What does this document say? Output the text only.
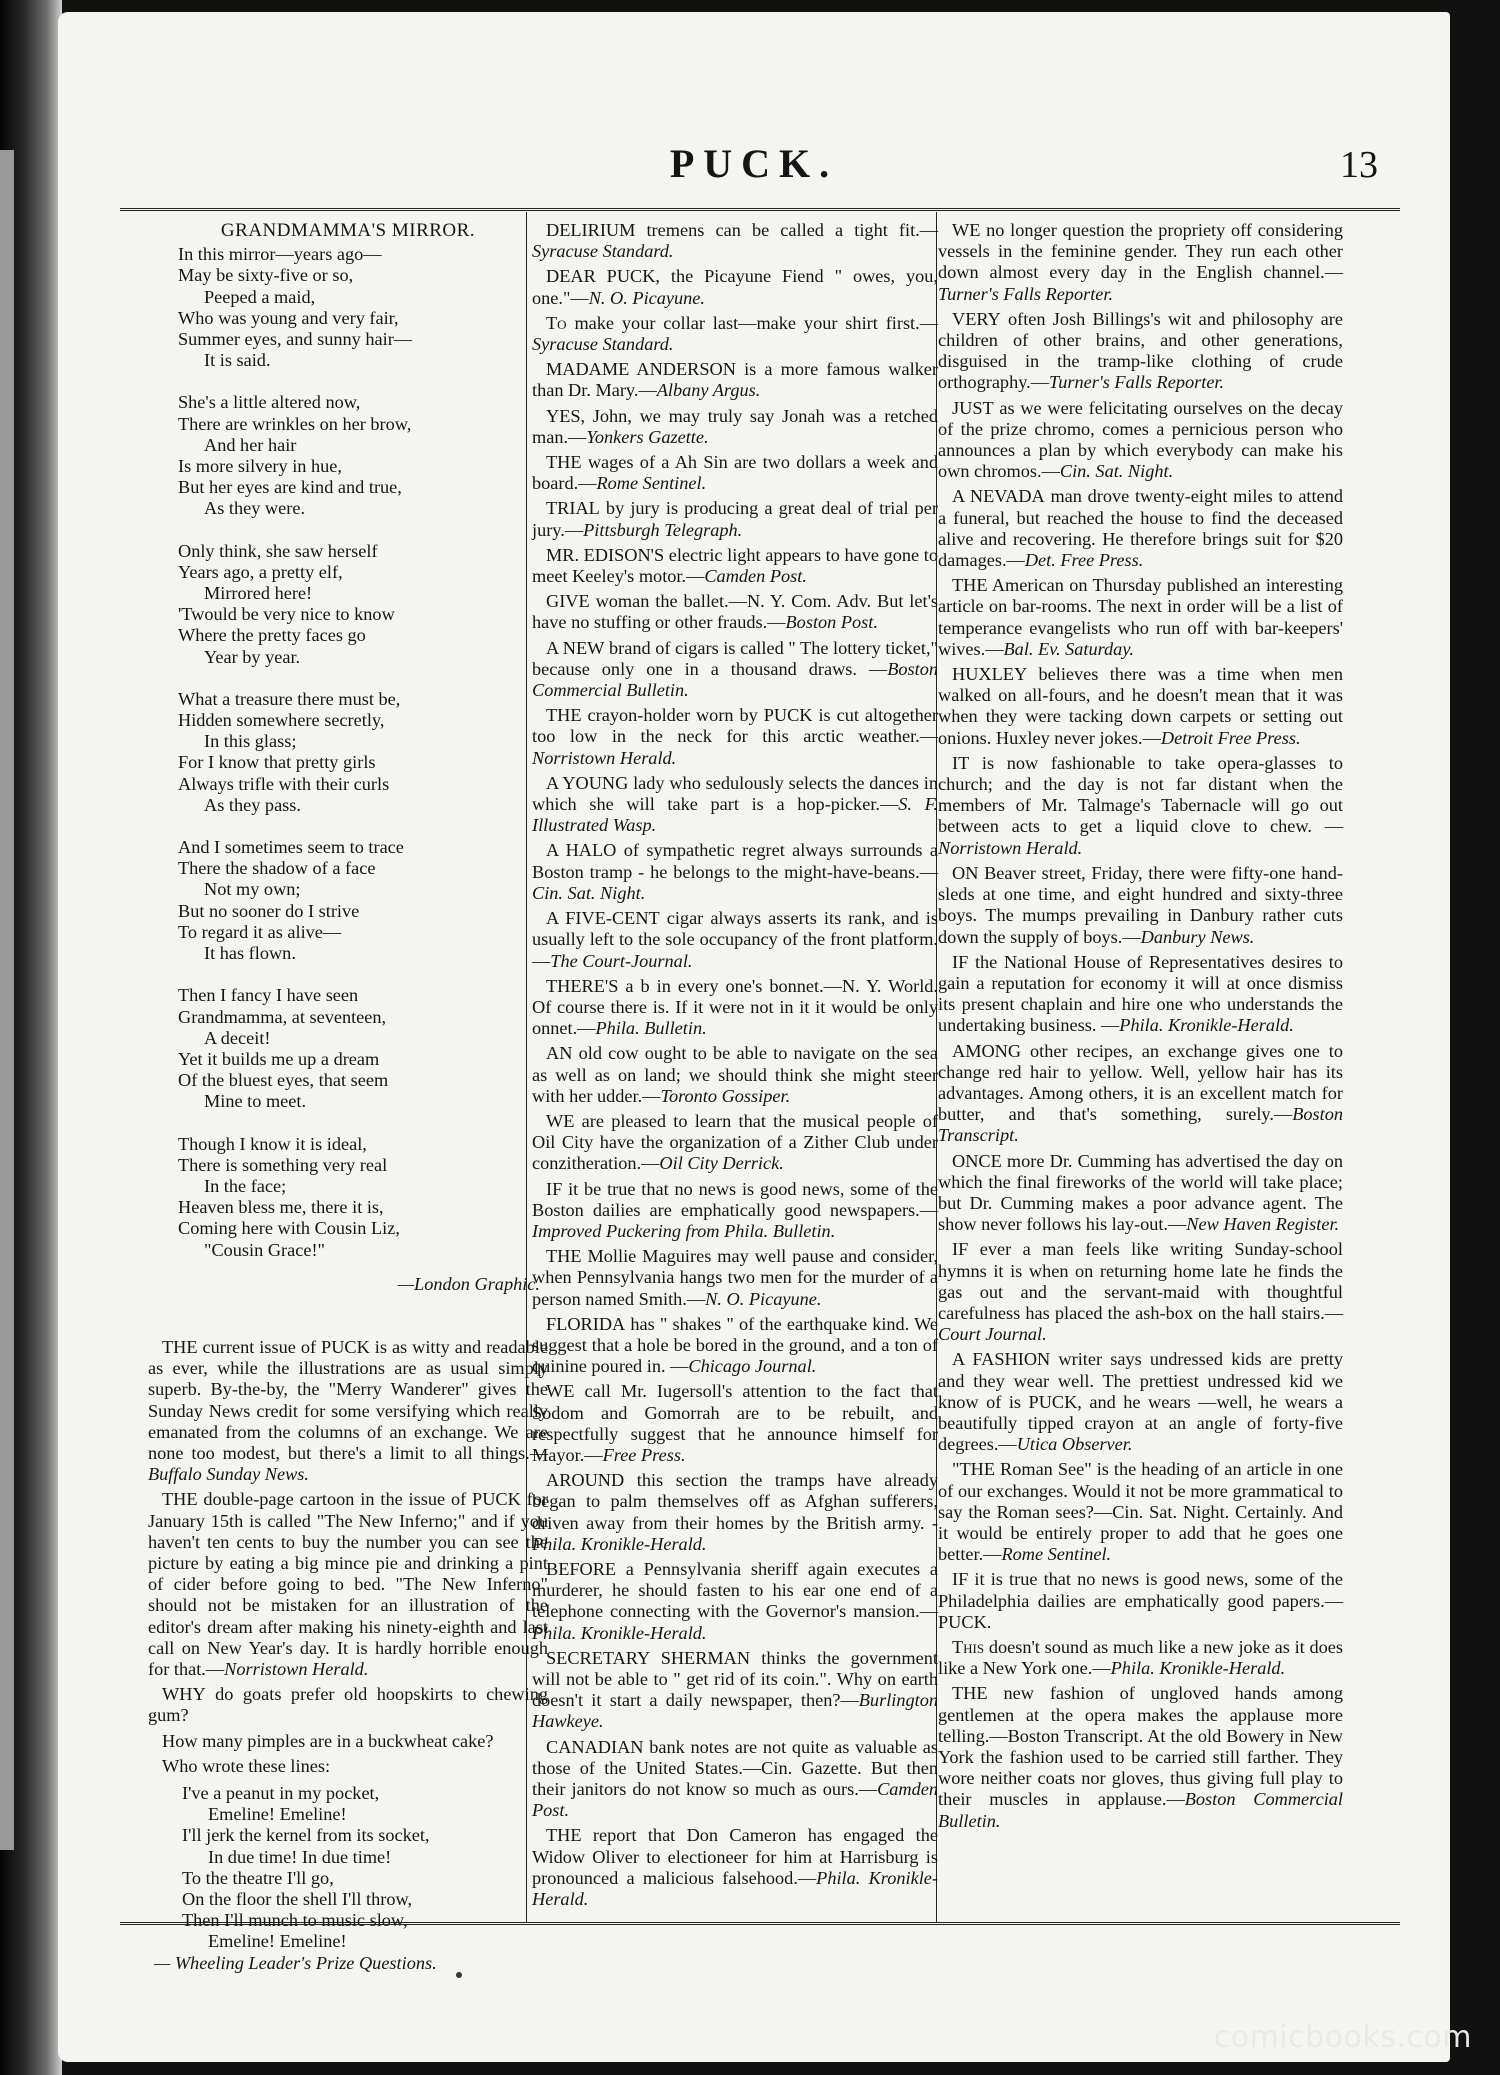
PUCK.	13
GRANDMAMMA'S MIRROR.
In this mirror—years ago—
May be sixty-five or so,
Peeped a maid,
Who was young and very fair,
Summer eyes, and sunny hair—
It is said.
She's a little altered now,
There are wrinkles on her brow,
And her hair
Is more silvery in hue,
But her eyes are kind and true,
As they were.
Only think, she saw herself
Years ago, a pretty elf,
Mirrored here!
'Twould be very nice to know
Where the pretty faces go
Year by year.
What a treasure there must be,
Hidden somewhere secretly,
In this glass;
For I know that pretty girls
Always trifle with their curls
As they pass.
And I sometimes seem to trace
There the shadow of a face
Not my own;
But no sooner do I strive
To regard it as alive—
It has flown.
Then I fancy I have seen
Grandmamma, at seventeen,
A deceit!
Yet it builds me up a dream
Of the bluest eyes, that seem
Mine to meet.
Though I know it is ideal,
There is something very real
In the face;
Heaven bless me, there it is,
Coming here with Cousin Liz,
"Cousin Grace!"
—London Graphic.

THE current issue of PUCK is as witty and readable as ever, while the illustrations are as usual simply superb. By-the-by, the "Merry Wanderer" gives the Sunday News credit for some versifying which really emanated from the columns of an exchange. We are none too modest, but there's a limit to all things.—Buffalo Sunday News.

THE double-page cartoon in the issue of PUCK for January 15th is called "The New Inferno;" and if you haven't ten cents to buy the number you can see the picture by eating a big mince pie and drinking a pint of cider before going to bed. "The New Inferno" should not be mistaken for an illustration of the editor's dream after making his ninety-eighth and last call on New Year's day. It is hardly horrible enough for that.—Norristown Herald.

WHY do goats prefer old hoopskirts to chewing gum?

How many pimples are in a buckwheat cake?

Who wrote these lines:

I've a peanut in my pocket,
Emeline! Emeline!
I'll jerk the kernel from its socket,
In due time! In due time!
To the theatre I'll go,
On the floor the shell I'll throw,
Then I'll munch to music slow,
Emeline! Emeline!
— Wheeling Leader's Prize Questions.

DELIRIUM tremens can be called a tight fit.—Syracuse Standard.

DEAR PUCK, the Picayune Fiend " owes, you, one."—N. O. Picayune.

To make your collar last—make your shirt first.—Syracuse Standard.

MADAME ANDERSON is a more famous walker than Dr. Mary.—Albany Argus.

YES, John, we may truly say Jonah was a retched man.—Yonkers Gazette.

THE wages of a Ah Sin are two dollars a week and board.—Rome Sentinel.

TRIAL by jury is producing a great deal of trial per jury.—Pittsburgh Telegraph.

MR. EDISON'S electric light appears to have gone to meet Keeley's motor.—Camden Post.

GIVE woman the ballet.—N. Y. Com. Adv. But let's have no stuffing or other frauds.—Boston Post.

A NEW brand of cigars is called " The lottery ticket," because only one in a thousand draws. —Boston Commercial Bulletin.

THE crayon-holder worn by PUCK is cut altogether too low in the neck for this arctic weather.—Norristown Herald.

A YOUNG lady who sedulously selects the dances in which she will take part is a hop-picker.—S. F. Illustrated Wasp.

A HALO of sympathetic regret always surrounds a Boston tramp - he belongs to the might-have-beans.—Cin. Sat. Night.

A FIVE-CENT cigar always asserts its rank, and is usually left to the sole occupancy of the front platform.—The Court-Journal.

THERE'S a b in every one's bonnet.—N. Y. World. Of course there is. If it were not in it it would be only onnet.—Phila. Bulletin.

AN old cow ought to be able to navigate on the sea as well as on land; we should think she might steer with her udder.—Toronto Gossiper.

WE are pleased to learn that the musical people of Oil City have the organization of a Zither Club under conzitheration.—Oil City Derrick.

IF it be true that no news is good news, some of the Boston dailies are emphatically good newspapers.—Improved Puckering from Phila. Bulletin.

THE Mollie Maguires may well pause and consider, when Pennsylvania hangs two men for the murder of a person named Smith.—N. O. Picayune.

FLORIDA has " shakes " of the earthquake kind. We suggest that a hole be bored in the ground, and a ton of quinine poured in. —Chicago Journal.

WE call Mr. Iugersoll's attention to the fact that Sodom and Gomorrah are to be rebuilt, and respectfully suggest that he announce himself for Mayor.—Free Press.

AROUND this section the tramps have already began to palm themselves off as Afghan sufferers, driven away from their homes by the British army. -Phila. Kronikle-Herald.

BEFORE a Pennsylvania sheriff again executes a murderer, he should fasten to his ear one end of a telephone connecting with the Governor's mansion.—Phila. Kronikle-Herald.

SECRETARY SHERMAN thinks the government will not be able to " get rid of its coin.". Why on earth doesn't it start a daily newspaper, then?—Burlington Hawkeye.

CANADIAN bank notes are not quite as valuable as those of the United States.—Cin. Gazette. But then their janitors do not know so much as ours.—Camden Post.

THE report that Don Cameron has engaged the Widow Oliver to electioneer for him at Harrisburg is pronounced a malicious falsehood.—Phila. Kronikle-Herald.

WE no longer question the propriety off considering vessels in the feminine gender. They run each other down almost every day in the English channel.—Turner's Falls Reporter.

VERY often Josh Billings's wit and philosophy are children of other brains, and other generations, disguised in the tramp-like clothing of crude orthography.—Turner's Falls Reporter.

JUST as we were felicitating ourselves on the decay of the prize chromo, comes a pernicious person who announces a plan by which everybody can make his own chromos.—Cin. Sat. Night.

A NEVADA man drove twenty-eight miles to attend a funeral, but reached the house to find the deceased alive and recovering. He therefore brings suit for $20 damages.—Det. Free Press.

THE American on Thursday published an interesting article on bar-rooms. The next in order will be a list of temperance evangelists who run off with bar-keepers' wives.—Bal. Ev. Saturday.

HUXLEY believes there was a time when men walked on all-fours, and he doesn't mean that it was when they were tacking down carpets or setting out onions. Huxley never jokes.—Detroit Free Press.

IT is now fashionable to take opera-glasses to church; and the day is not far distant when the members of Mr. Talmage's Tabernacle will go out between acts to get a liquid clove to chew. —Norristown Herald.

ON Beaver street, Friday, there were fifty-one hand-sleds at one time, and eight hundred and sixty-three boys. The mumps prevailing in Danbury rather cuts down the supply of boys.—Danbury News.

IF the National House of Representatives desires to gain a reputation for economy it will at once dismiss its present chaplain and hire one who understands the undertaking business. —Phila. Kronikle-Herald.

AMONG other recipes, an exchange gives one to change red hair to yellow. Well, yellow hair has its advantages. Among others, it is an excellent match for butter, and that's something, surely.—Boston Transcript.

ONCE more Dr. Cumming has advertised the day on which the final fireworks of the world will take place; but Dr. Cumming makes a poor advance agent. The show never follows his lay-out.—New Haven Register.

IF ever a man feels like writing Sunday-school hymns it is when on returning home late he finds the gas out and the servant-maid with thoughtful carefulness has placed the ash-box on the hall stairs.—Court Journal.

A FASHION writer says undressed kids are pretty and they wear well. The prettiest undressed kid we know of is PUCK, and he wears —well, he wears a beautifully tipped crayon at an angle of forty-five degrees.—Utica Observer.

"THE Roman See" is the heading of an article in one of our exchanges. Would it not be more grammatical to say the Roman sees?—Cin. Sat. Night. Certainly. And it would be entirely proper to add that he goes one better.—Rome Sentinel.

IF it is true that no news is good news, some of the Philadelphia dailies are emphatically good papers.—PUCK.

This doesn't sound as much like a new joke as it does like a New York one.—Phila. Kronikle-Herald.

THE new fashion of ungloved hands among gentlemen at the opera makes the applause more telling.—Boston Transcript. At the old Bowery in New York the fashion used to be carried still farther. They wore neither coats nor gloves, thus giving full play to their muscles in applause.—Boston Commercial Bulletin.

comicbooks.com
